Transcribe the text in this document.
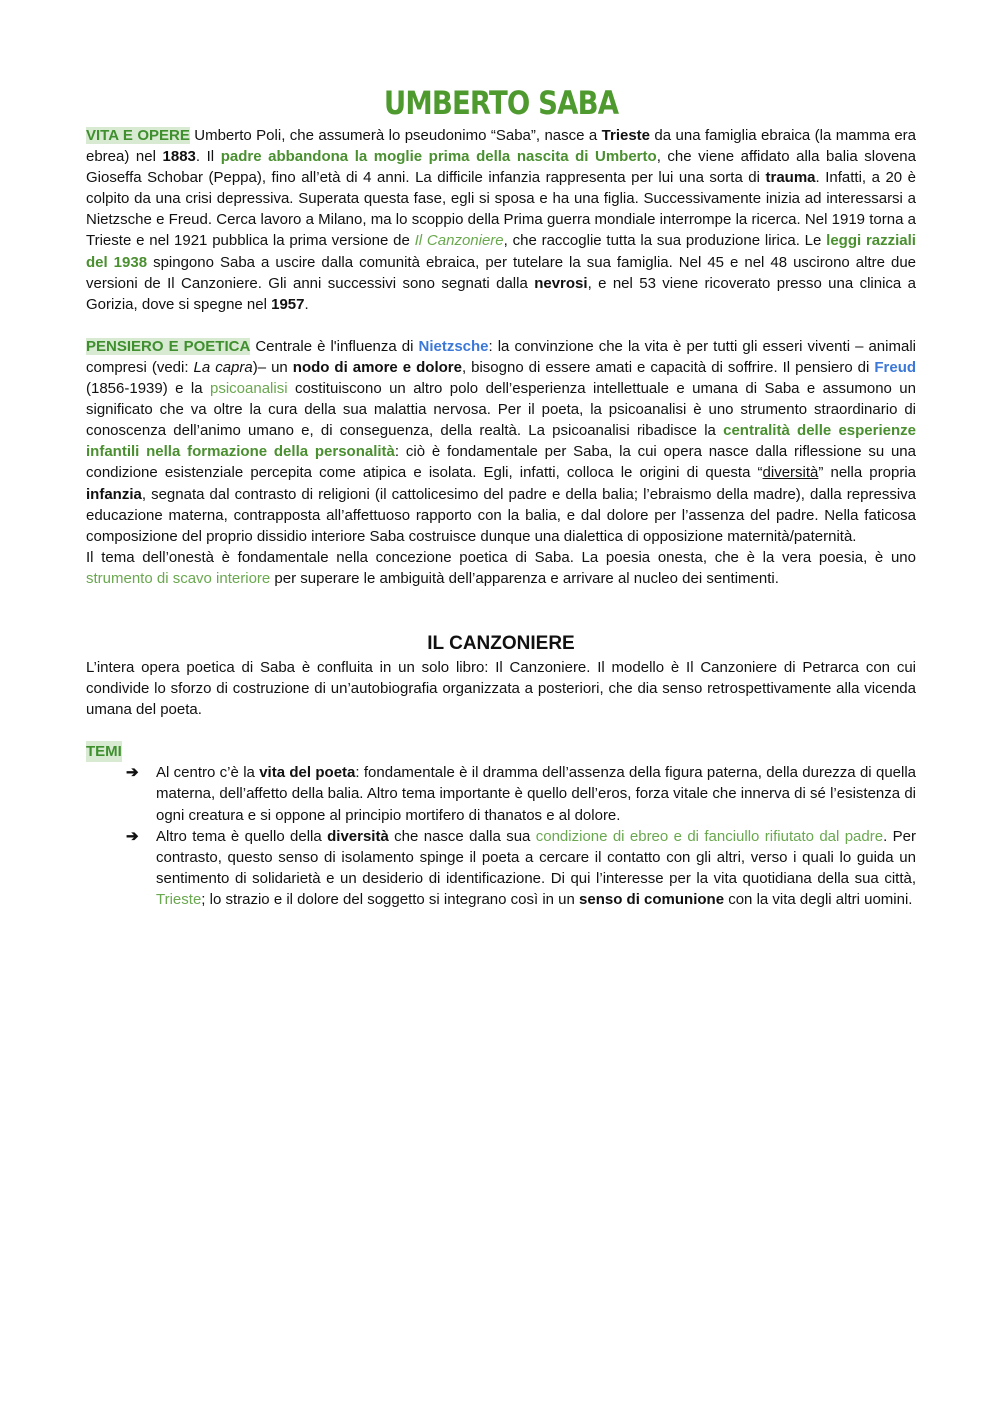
UMBERTO SABA

VITA E OPERE Umberto Poli, che assumerà lo pseudonimo “Saba”, nasce a Trieste da una famiglia ebraica (la mamma era ebrea) nel 1883. Il padre abbandona la moglie prima della nascita di Umberto, che viene affidato alla balia slovena Gioseffa Schobar (Peppa), fino all’età di 4 anni. La difficile infanzia rappresenta per lui una sorta di trauma. Infatti, a 20 è colpito da una crisi depressiva. Superata questa fase, egli si sposa e ha una figlia. Successivamente inizia ad interessarsi a Nietzsche e Freud. Cerca lavoro a Milano, ma lo scoppio della Prima guerra mondiale interrompe la ricerca. Nel 1919 torna a Trieste e nel 1921 pubblica la prima versione de Il Canzoniere, che raccoglie tutta la sua produzione lirica. Le leggi razziali del 1938 spingono Saba a uscire dalla comunità ebraica, per tutelare la sua famiglia. Nel 45 e nel 48 uscirono altre due versioni de Il Canzoniere. Gli anni successivi sono segnati dalla nevrosi, e nel 53 viene ricoverato presso una clinica a Gorizia, dove si spegne nel 1957.

PENSIERO E POETICA Centrale è l'influenza di Nietzsche: la convinzione che la vita è per tutti gli esseri viventi – animali compresi (vedi: La capra)– un nodo di amore e dolore, bisogno di essere amati e capacità di soffrire. Il pensiero di Freud (1856-1939) e la psicoanalisi costituiscono un altro polo dell’esperienza intellettuale e umana di Saba e assumono un significato che va oltre la cura della sua malattia nervosa. Per il poeta, la psicoanalisi è uno strumento straordinario di conoscenza dell’animo umano e, di conseguenza, della realtà. La psicoanalisi ribadisce la centralità delle esperienze infantili nella formazione della personalità: ciò è fondamentale per Saba, la cui opera nasce dalla riflessione su una condizione esistenziale percepita come atipica e isolata. Egli, infatti, colloca le origini di questa “diversità” nella propria infanzia, segnata dal contrasto di religioni (il cattolicesimo del padre e della balia; l’ebraismo della madre), dalla repressiva educazione materna, contrapposta all’affettuoso rapporto con la balia, e dal dolore per l’assenza del padre. Nella faticosa composizione del proprio dissidio interiore Saba costruisce dunque una dialettica di opposizione maternità/paternità.

Il tema dell’onestà è fondamentale nella concezione poetica di Saba. La poesia onesta, che è la vera poesia, è uno strumento di scavo interiore per superare le ambiguità dell’apparenza e arrivare al nucleo dei sentimenti.

IL CANZONIERE

L’intera opera poetica di Saba è confluita in un solo libro: Il Canzoniere. Il modello è Il Canzoniere di Petrarca con cui condivide lo sforzo di costruzione di un’autobiografia organizzata a posteriori, che dia senso retrospettivamente alla vicenda umana del poeta.

TEMI

➔ Al centro c’è la vita del poeta: fondamentale è il dramma dell’assenza della figura paterna, della durezza di quella materna, dell’affetto della balia. Altro tema importante è quello dell’eros, forza vitale che innerva di sé l’esistenza di ogni creatura e si oppone al principio mortifero di thanatos e al dolore.
➔ Altro tema è quello della diversità che nasce dalla sua condizione di ebreo e di fanciullo rifiutato dal padre. Per contrasto, questo senso di isolamento spinge il poeta a cercare il contatto con gli altri, verso i quali lo guida un sentimento di solidarietà e un desiderio di identificazione. Di qui l’interesse per la vita quotidiana della sua città, Trieste; lo strazio e il dolore del soggetto si integrano così in un senso di comunione con la vita degli altri uomini.
